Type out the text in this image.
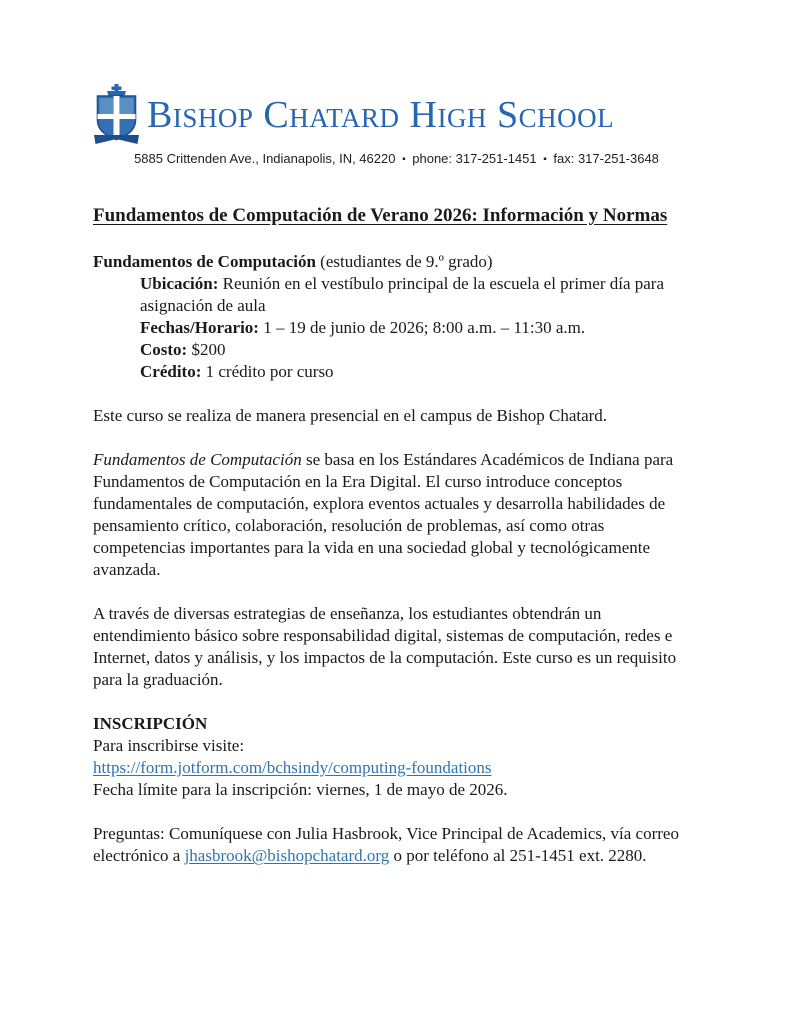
Bishop Chatard High School
5885 Crittenden Ave., Indianapolis, IN, 46220 ▪ phone: 317-251-1451 ▪ fax: 317-251-3648
Fundamentos de Computación de Verano 2026: Información y Normas
Fundamentos de Computación (estudiantes de 9.º grado)
Ubicación: Reunión en el vestíbulo principal de la escuela el primer día para asignación de aula
Fechas/Horario: 1 – 19 de junio de 2026; 8:00 a.m. – 11:30 a.m.
Costo: $200
Crédito: 1 crédito por curso
Este curso se realiza de manera presencial en el campus de Bishop Chatard.
Fundamentos de Computación se basa en los Estándares Académicos de Indiana para Fundamentos de Computación en la Era Digital. El curso introduce conceptos fundamentales de computación, explora eventos actuales y desarrolla habilidades de pensamiento crítico, colaboración, resolución de problemas, así como otras competencias importantes para la vida en una sociedad global y tecnológicamente avanzada.
A través de diversas estrategias de enseñanza, los estudiantes obtendrán un entendimiento básico sobre responsabilidad digital, sistemas de computación, redes e Internet, datos y análisis, y los impactos de la computación. Este curso es un requisito para la graduación.
INSCRIPCIÓN
Para inscribirse visite:
https://form.jotform.com/bchsindy/computing-foundations
Fecha límite para la inscripción: viernes, 1 de mayo de 2026.
Preguntas: Comuníquese con Julia Hasbrook, Vice Principal de Academics, vía correo electrónico a jhasbrook@bishopchatard.org o por teléfono al 251-1451 ext. 2280.
